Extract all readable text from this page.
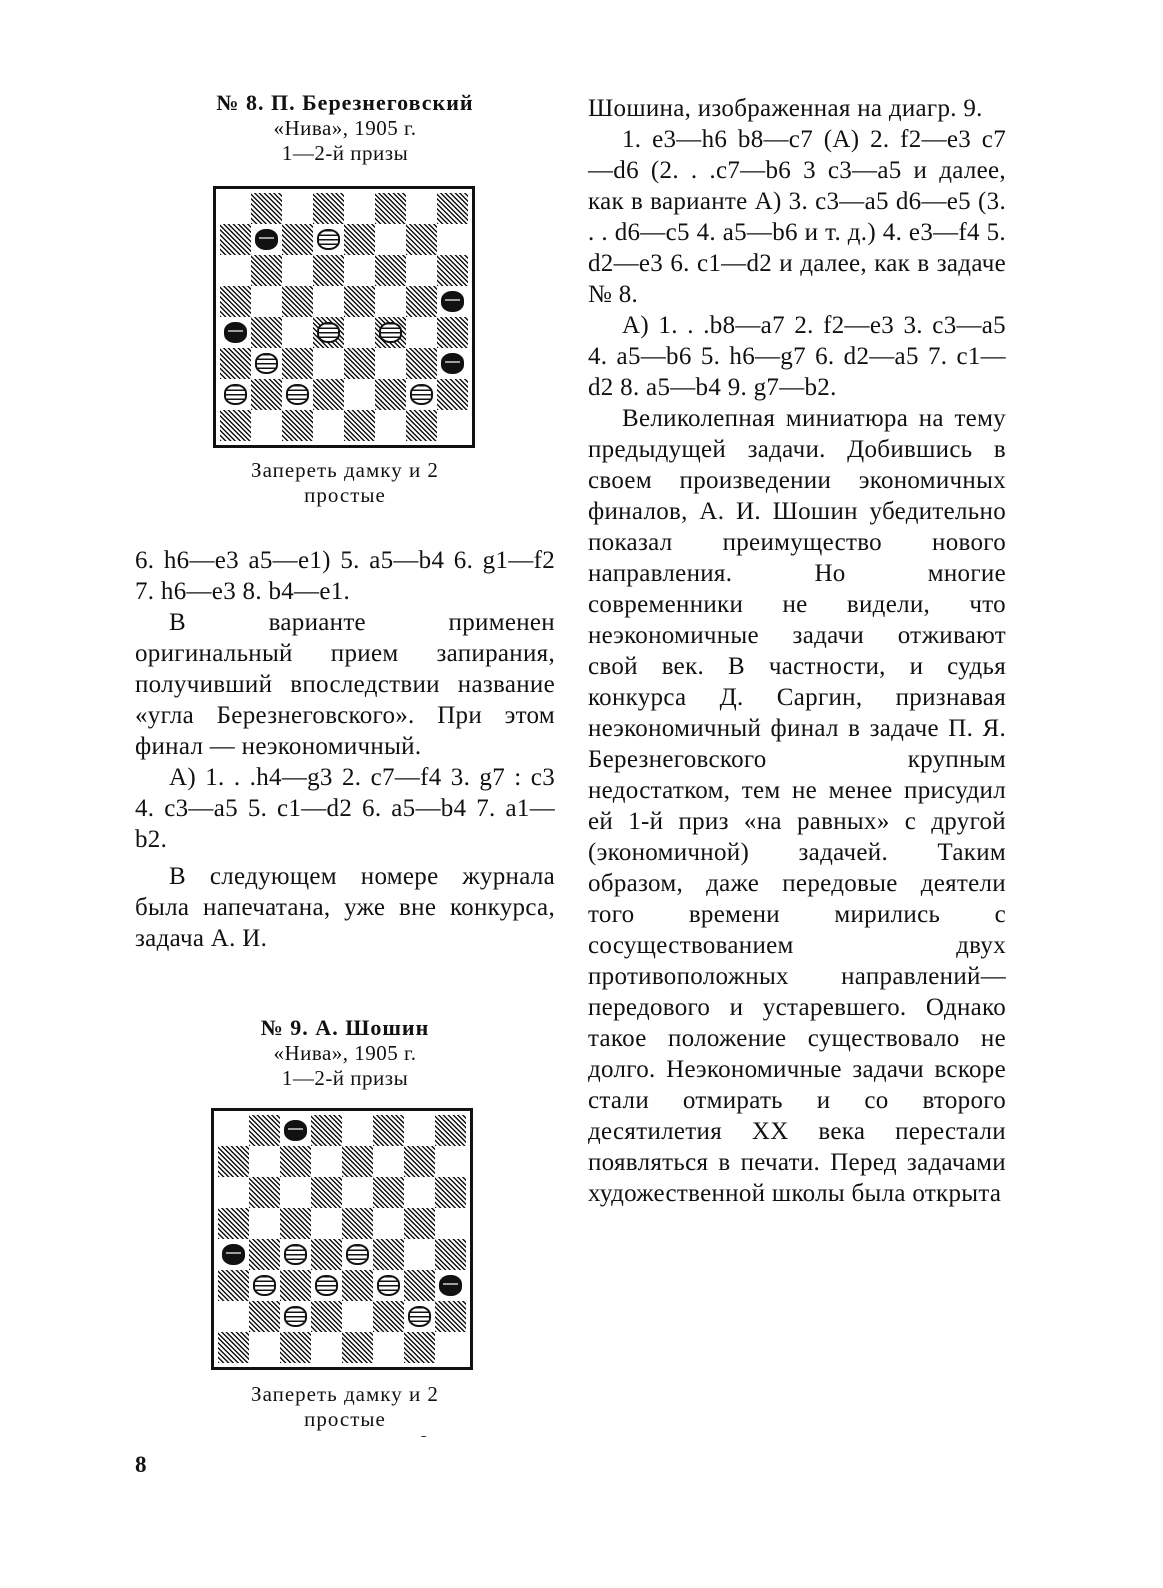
№ 8. П. Березнеговский
«Нива», 1905 г.
1—2-й призы
Запереть дамку и 2
простые

6. h6—e3 a5—e1) 5. a5—b4 6. g1—f2 7. h6—e3 8. b4—e1.

В варианте применен оригинальный прием запирания, получивший впоследствии название «угла Березнеговского». При этом финал — неэкономичный.

А) 1. . .h4—g3 2. c7—f4 3. g7 : c3 4. c3—a5 5. c1—d2 6. a5—b4 7. a1—b2.

В следующем номере журнала была напечатана, уже вне конкурса, задача А. И.

№ 9. А. Шошин
«Нива», 1905 г.
1—2-й призы
Запереть дамку и 2
простые

Шошина, изображенная на диагр. 9.

1. e3—h6 b8—c7 (A) 2. f2—e3 c7—d6 (2. . .c7—b6 3 c3—a5 и далее, как в варианте А) 3. c3—a5 d6—e5 (3. . . d6—c5 4. a5—b6 и т. д.) 4. e3—f4 5. d2—e3 6. c1—d2 и далее, как в задаче № 8.

А) 1. . .b8—a7 2. f2—e3 3. c3—a5 4. a5—b6 5. h6—g7 6. d2—a5 7. c1—d2 8. a5—b4 9. g7—b2.

Великолепная миниатюра на тему предыдущей задачи. Добившись в своем произведении экономичных финалов, А. И. Шошин убедительно показал преимущество нового направления. Но многие современники не видели, что неэкономичные задачи отживают свой век. В частности, и судья конкурса Д. Саргин, признавая неэкономичный финал в задаче П. Я. Березнеговского крупным недостатком, тем не менее присудил ей 1-й приз «на равных» с другой (экономичной) задачей. Таким образом, даже передовые деятели того времени мирились с сосуществованием двух противоположных направлений— передового и устаревшего. Однако такое положение существовало не долго. Неэкономичные задачи вскоре стали отмирать и со второго десятилетия XX века перестали появляться в печати. Перед задачами художественной школы была открыта

ˉ
8
